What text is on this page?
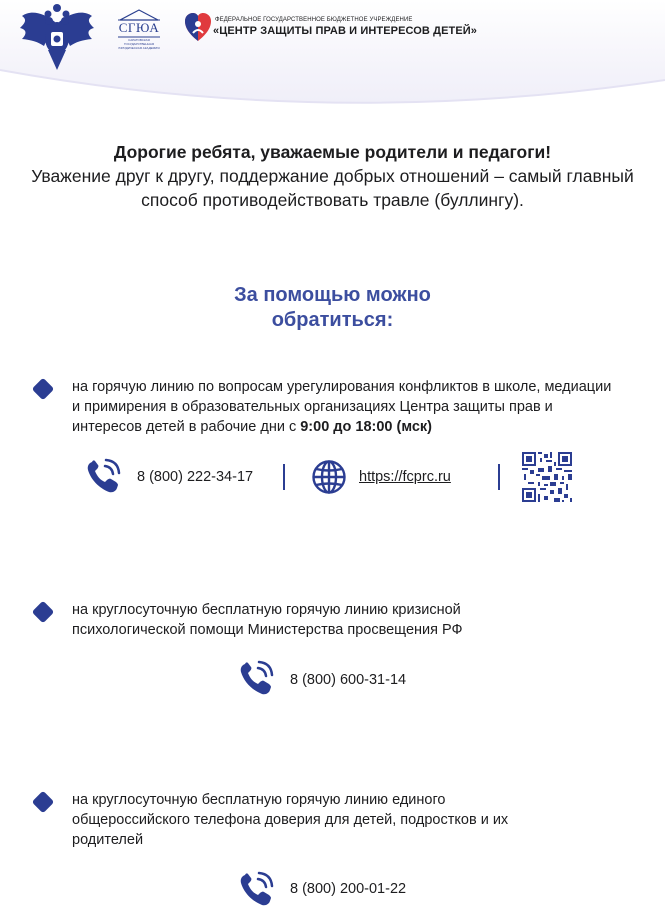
СГЮА
САРАТОВСКАЯ ГОСУДАРСТВЕННАЯ ЮРИДИЧЕСКАЯ АКАДЕМИЯ
ФЕДЕРАЛЬНОЕ ГОСУДАРСТВЕННОЕ БЮДЖЕТНОЕ УЧРЕЖДЕНИЕ
«ЦЕНТР ЗАЩИТЫ ПРАВ И ИНТЕРЕСОВ ДЕТЕЙ»
Дорогие ребята, уважаемые родители и педагоги!
Уважение друг к другу, поддержание добрых отношений – самый главный способ противодействовать травле (буллингу).
За помощью можно обратиться:
на горячую линию по вопросам урегулирования конфликтов в школе, медиации и примирения в образовательных организациях Центра защиты прав и интересов детей в рабочие дни с 9:00 до 18:00 (мск)
8 (800) 222-34-17	https://fcprc.ru
на круглосуточную бесплатную горячую линию кризисной психологической помощи Министерства просвещения РФ
8 (800) 600-31-14
на круглосуточную бесплатную горячую линию единого общероссийского телефона доверия для детей, подростков и их родителей
8 (800) 200-01-22
